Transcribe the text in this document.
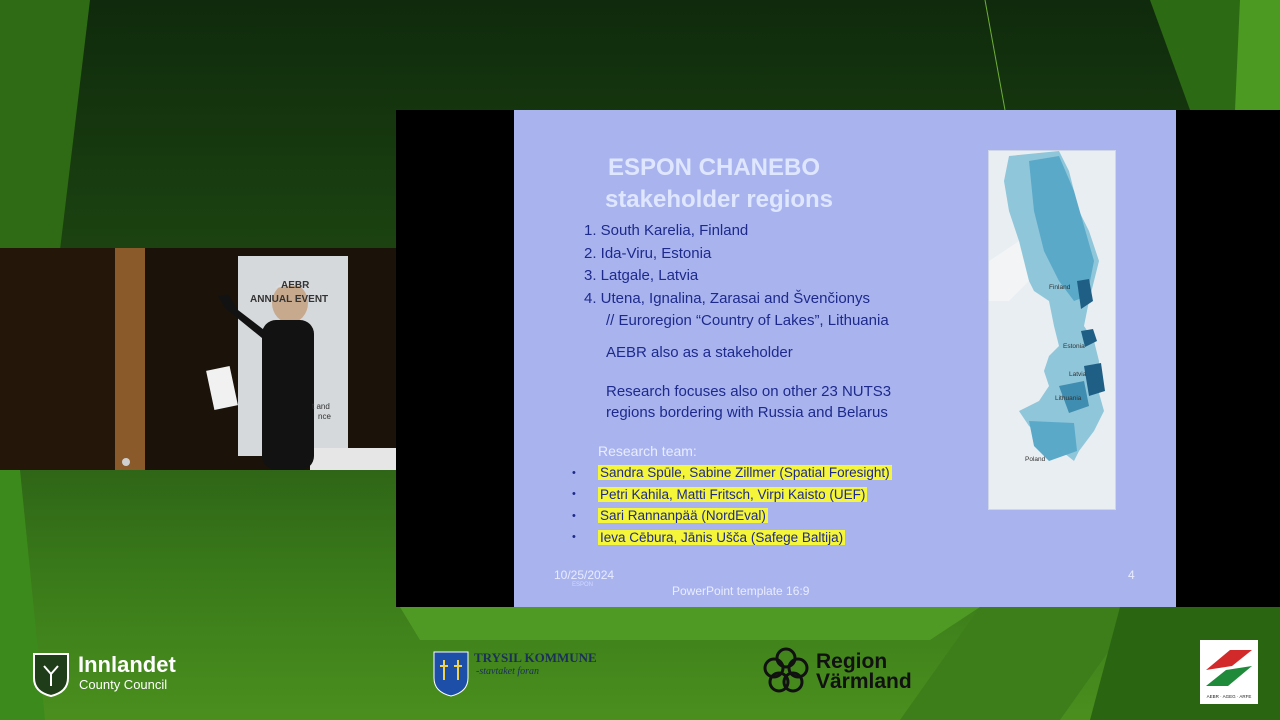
ESPON CHANEBO
stakeholder regions
1. South Karelia, Finland
2. Ida-Viru, Estonia
3. Latgale, Latvia
4. Utena, Ignalina, Zarasai and Švenčionys
// Euroregion “Country of Lakes”, Lithuania
AEBR also as a stakeholder
Research focuses also on other 23 NUTS3
regions bordering with Russia and Belarus
Research team:
•	Sandra Spūle, Sabine Zillmer (Spatial Foresight)
•	Petri Kahila, Matti Fritsch, Virpi Kaisto (UEF)
•	Sari Rannanpää (NordEval)
•	Ieva Cēbura, Jānis Ušča (Safege Baltija)
10/25/2024
ESPON	PowerPoint template 16:9
4
Finland
Estonia
Latvia
Lithuania
Poland
AEBR
ANNUAL EVENT
t and
nce
Innlandet
County Council
TRYSIL KOMMUNE
-stavtaket foran	Region
Värmland
AEBR · AGEG · ARFE
